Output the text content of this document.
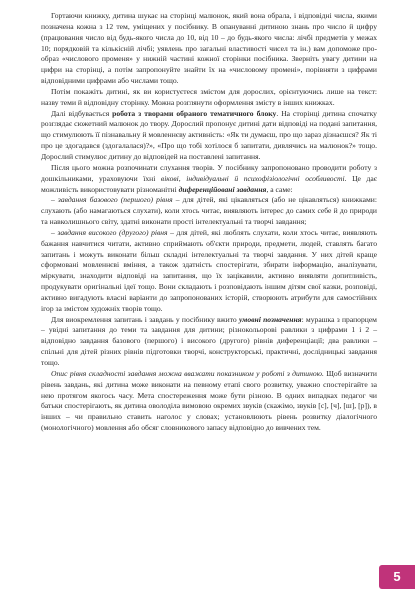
Гортаючи книжку, дитина шукає на сторінці малюнок, який вона обрала, і відповідні числа, якими позначена кожна з 12 тем, уміщених у посібнику. В опануванні дитиною знань про число й цифру (працювання число від будь-якого числа до 10, від 10 – до будь-якого числа: лічбі предметів у межах 10; порядковій та кількісній лічбі; уявлень про загальні властивості чисел та ін.) вам допоможе прообраз «числового променя» у нижній частині кожної сторінки посібника. Зверніть увагу дитини на цифри на сторінці, а потім запропонуйте знайти їх на «числовому промені», порівняти з цифрами відповідними цифрами або числами тощо.

Потім покажіть дитині, як ви користуєтеся змістом для дорослих, орієнтуючись лише на текст: назву теми й відповідну сторінку. Можна розглянути оформлення змісту в інших книжках.

Далі відбувається робота з творами обраного тематичного блоку. На сторінці дитина спочатку розглядає сюжетний малюнок до твору. Дорослий пропонує дитині дати відповіді на подані запитання, що стимулюють її пізнавальну й мовленнєву активність: «Як ти думаєш, про що зараз дізнаєшся? Як ті про це здогадався (здогалалася)?», «Про що тобі хотілося б запитати, дивлячись на малюнок?» тощо. Дорослий стимулює дитину до відповідей на поставлені запитання.

Після цього можна розпочинати слухання творів. У посібнику запропоновано проводити роботу з дошкільниками, ураховуючи їхні вікові, індивідуальні й психофізіологічні особливості. Це дає можливість використовувати різноманітні диференційовані завдання, а саме:

– завдання базового (першого) рівня – для дітей, які цікавляться (або не цікавляться) книжками: слухають (або намагаються слухати), коли хтось читає, виявляють інтерес до самих себе й до природи та навколишнього світу, здатні виконати прості інтелектуальні та творчі завдання;

– завдання високого (другого) рівня – для дітей, які люблять слухати, коли хтось читає, виявляють бажання навчитися читати, активно сприймають об'єкти природи, предмети, людей, ставлять багато запитань і можуть виконати більш складні інтелектуальні та творчі завдання. У них дітей краще сформовані мовленнєві вміння, а також здатність спостерігати, збирати інформацію, аналізувати, міркувати, знаходити відповіді на запитання, що їх зацікавили, активно виявляти допитливість, продукувати оригінальні ідеї тощо. Вони складають і розповідають іншим дітям свої казки, розповіді, активно вигадують власні варіанти до запропонованих історій, створюють атрибути для самостійних ігор за змістом художніх творів тощо.

Для виокремлення запитань і завдань у посібнику вжито умовні позначення: мурашка з прапорцем – увідні запитання до теми та завдання для дитини; різнокольорові равлики з цифрами 1 і 2 – відповідно завдання базового (першого) і високого (другого) рівнів диференціації; два равлики – спільні для дітей різних рівнів підготовки творчі, конструкторські, практичні, дослідницькі завдання тощо.

Опис рівня складності завдання можна вважати показником у роботі з дитиною. Щоб визначити рівень завдань, які дитина може виконати на певному етапі свого розвитку, уважно спостерігайте за нею протягом якогось часу. Мета спостереження може бути різною. В одних випадках педагог чи батьки спостерігають, як дитина оволоділа вимовою окремих звуків (скажімо, звуків [с], [ч], [ш], [р]), в інших – чи правильно ставить наголос у словах; установлюють рівень розвитку діалогічного (монологічного) мовлення або обсяг словникового запасу відповідно до вивчених тем.

5
